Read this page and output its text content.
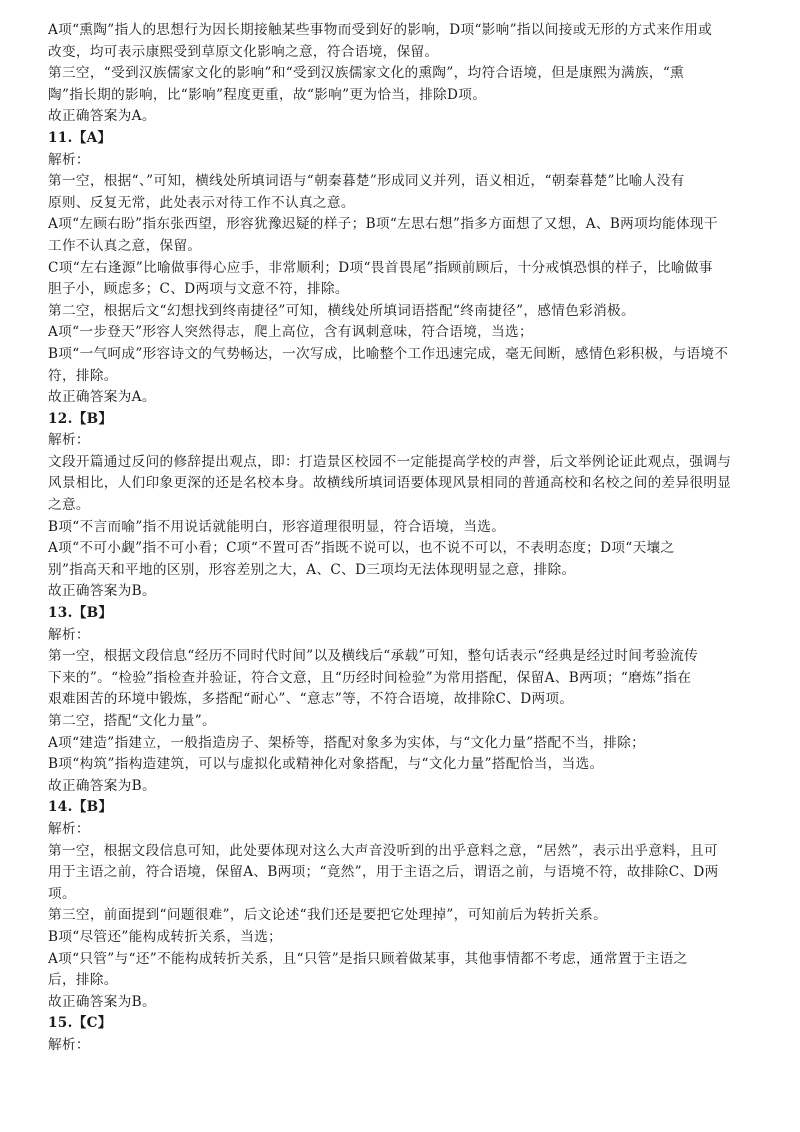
A项“熏陶”指人的思想行为因长期接触某些事物而受到好的影响，D项“影响”指以间接或无形的方式来作用或
改变，均可表示康熙受到草原文化影响之意，符合语境，保留。
第三空，“受到汉族儒家文化的影响”和“受到汉族儒家文化的熏陶”，均符合语境，但是康熙为满族，“熏
陶”指长期的影响，比“影响”程度更重，故“影响”更为恰当，排除D项。
故正确答案为A。
11.【A】
解析：
第一空，根据“、”可知，横线处所填词语与“朝秦暮楚”形成同义并列，语义相近，“朝秦暮楚”比喻人没有
原则、反复无常，此处表示对待工作不认真之意。
A项“左顾右盼”指东张西望，形容犹豫迟疑的样子；B项“左思右想”指多方面想了又想，A、B两项均能体现干
工作不认真之意，保留。
C项“左右逢源”比喻做事得心应手，非常顺利；D项“畏首畏尾”指顾前顾后，十分戒慎恐惧的样子，比喻做事
胆子小，顾虑多；C、D两项与文意不符，排除。
第二空，根据后文“幻想找到终南捷径”可知，横线处所填词语搭配“终南捷径”，感情色彩消极。
A项“一步登天”形容人突然得志，爬上高位，含有讽刺意味，符合语境，当选；
B项“一气呵成”形容诗文的气势畅达，一次写成，比喻整个工作迅速完成，毫无间断，感情色彩积极，与语境不
符，排除。
故正确答案为A。
12.【B】
解析：
文段开篇通过反问的修辞提出观点，即：打造景区校园不一定能提高学校的声誉，后文举例论证此观点，强调与
风景相比，人们印象更深的还是名校本身。故横线所填词语要体现风景相同的普通高校和名校之间的差异很明显
之意。
B项“不言而喻”指不用说话就能明白，形容道理很明显，符合语境，当选。
A项“不可小觑”指不可小看；C项“不置可否”指既不说可以，也不说不可以，不表明态度；D项“天壤之
别”指高天和平地的区别，形容差别之大，A、C、D三项均无法体现明显之意，排除。
故正确答案为B。
13.【B】
解析：
第一空，根据文段信息“经历不同时代时间”以及横线后“承载”可知，整句话表示“经典是经过时间考验流传
下来的”。“检验”指检查并验证，符合文意，且“历经时间检验”为常用搭配，保留A、B两项；“磨炼”指在
艰难困苦的环境中锻炼，多搭配“耐心”、“意志”等，不符合语境，故排除C、D两项。
第二空，搭配“文化力量”。
A项“建造”指建立，一般指造房子、架桥等，搭配对象多为实体，与“文化力量”搭配不当，排除；
B项“构筑”指构造建筑，可以与虚拟化或精神化对象搭配，与“文化力量”搭配恰当，当选。
故正确答案为B。
14.【B】
解析：
第一空，根据文段信息可知，此处要体现对这么大声音没听到的出乎意料之意，“居然”，表示出乎意料，且可
用于主语之前，符合语境，保留A、B两项；“竟然”，用于主语之后，谓语之前，与语境不符，故排除C、D两
项。
第三空，前面提到“问题很难”，后文论述“我们还是要把它处理掉”，可知前后为转折关系。
B项“尽管还”能构成转折关系，当选；
A项“只管”与“还”不能构成转折关系，且“只管”是指只顾着做某事，其他事情都不考虑，通常置于主语之
后，排除。
故正确答案为B。
15.【C】
解析：
